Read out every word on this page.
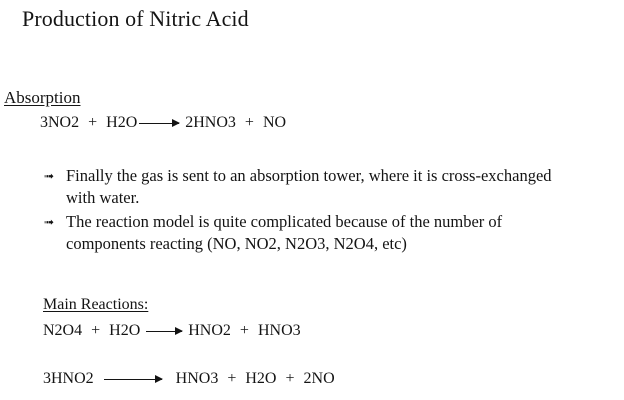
Production of Nitric Acid
Absorption
3NO2 + H2O → 2HNO3 + NO
➟ Finally the gas is sent to an absorption tower, where it is cross-exchanged
with water.
➟ The reaction model is quite complicated because of the number of
components reacting (NO, NO2, N2O3, N2O4, etc)
Main Reactions:
N2O4 + H2O → HNO2 + HNO3
3HNO2 → HNO3 + H2O + 2NO
